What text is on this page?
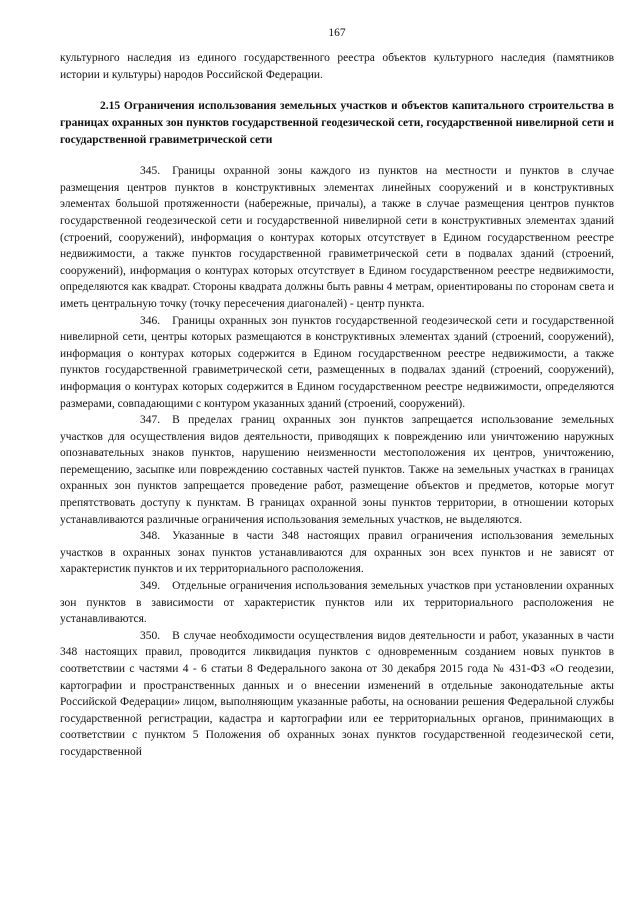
167

культурного наследия из единого государственного реестра объектов культурного наследия (памятников истории и культуры) народов Российской Федерации.

2.15 Ограничения использования земельных участков и объектов капитального строительства в границах охранных зон пунктов государственной геодезической сети, государственной нивелирной сети и государственной гравиметрической сети

345. Границы охранной зоны каждого из пунктов на местности и пунктов в случае размещения центров пунктов в конструктивных элементах линейных сооружений и в конструктивных элементах большой протяженности (набережные, причалы), а также в случае размещения центров пунктов государственной геодезической сети и государственной нивелирной сети в конструктивных элементах зданий (строений, сооружений), информация о контурах которых отсутствует в Едином государственном реестре недвижимости, а также пунктов государственной гравиметрической сети в подвалах зданий (строений, сооружений), информация о контурах которых отсутствует в Едином государственном реестре недвижимости, определяются как квадрат. Стороны квадрата должны быть равны 4 метрам, ориентированы по сторонам света и иметь центральную точку (точку пересечения диагоналей) - центр пункта.

346. Границы охранных зон пунктов государственной геодезической сети и государственной нивелирной сети, центры которых размещаются в конструктивных элементах зданий (строений, сооружений), информация о контурах которых содержится в Едином государственном реестре недвижимости, а также пунктов государственной гравиметрической сети, размещенных в подвалах зданий (строений, сооружений), информация о контурах которых содержится в Едином государственном реестре недвижимости, определяются размерами, совпадающими с контуром указанных зданий (строений, сооружений).

347. В пределах границ охранных зон пунктов запрещается использование земельных участков для осуществления видов деятельности, приводящих к повреждению или уничтожению наружных опознавательных знаков пунктов, нарушению неизменности местоположения их центров, уничтожению, перемещению, засыпке или повреждению составных частей пунктов. Также на земельных участках в границах охранных зон пунктов запрещается проведение работ, размещение объектов и предметов, которые могут препятствовать доступу к пунктам. В границах охранной зоны пунктов территории, в отношении которых устанавливаются различные ограничения использования земельных участков, не выделяются.

348. Указанные в части 348 настоящих правил ограничения использования земельных участков в охранных зонах пунктов устанавливаются для охранных зон всех пунктов и не зависят от характеристик пунктов и их территориального расположения.

349. Отдельные ограничения использования земельных участков при установлении охранных зон пунктов в зависимости от характеристик пунктов или их территориального расположения не устанавливаются.

350. В случае необходимости осуществления видов деятельности и работ, указанных в части 348 настоящих правил, проводится ликвидация пунктов с одновременным созданием новых пунктов в соответствии с частями 4 - 6 статьи 8 Федерального закона от 30 декабря 2015 года № 431-ФЗ «О геодезии, картографии и пространственных данных и о внесении изменений в отдельные законодательные акты Российской Федерации» лицом, выполняющим указанные работы, на основании решения Федеральной службы государственной регистрации, кадастра и картографии или ее территориальных органов, принимающих в соответствии с пунктом 5 Положения об охранных зонах пунктов государственной геодезической сети, государственной
